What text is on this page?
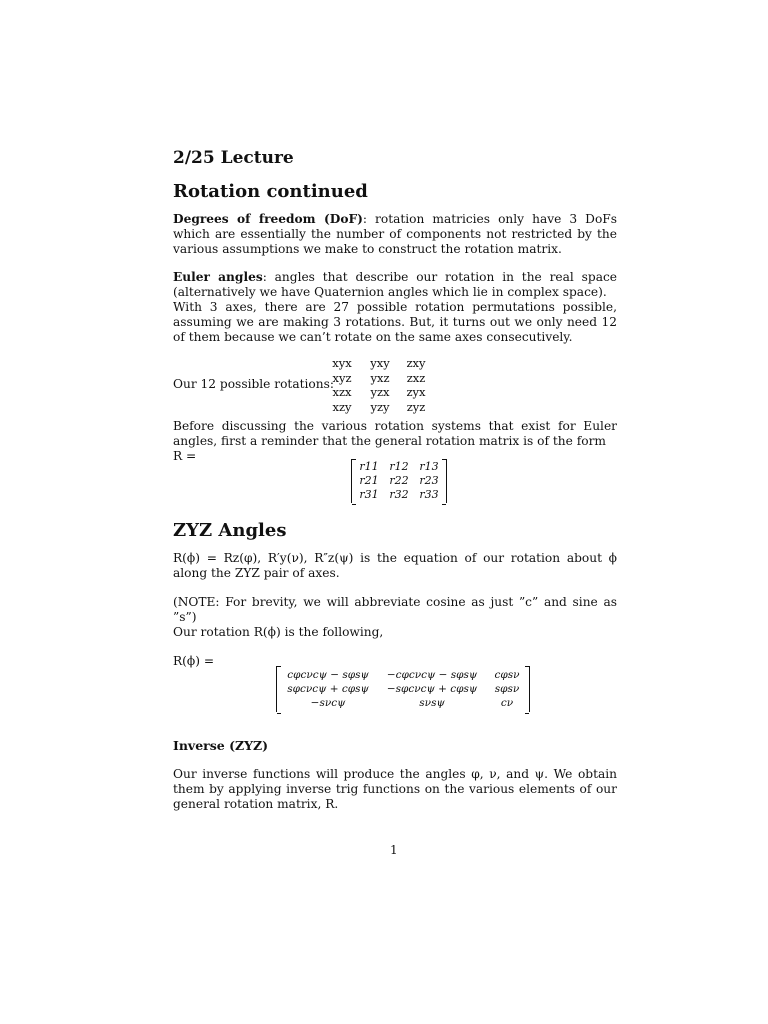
2/25 Lecture
Rotation continued
Degrees of freedom (DoF): rotation matricies only have 3 DoFs which are essentially the number of components not restricted by the various assumptions we make to construct the rotation matrix.
Euler angles: angles that describe our rotation in the real space (alternatively we have Quaternion angles which lie in complex space).
With 3 axes, there are 27 possible rotation permutations possible, assuming we are making 3 rotations. But, it turns out we only need 12 of them because we can’t rotate on the same axes consecutively.
Our 12 possible rotations:
xyx	yxy	zxy
xyz	yxz	zxz
xzx	yzx	zyx
xzy	yzy	zyz
Before discussing the various rotation systems that exist for Euler angles, first a reminder that the general rotation matrix is of the form
R =
r11 r12 r13
r21 r22 r23
r31 r32 r33
ZYZ Angles
R(ϕ) = Rz(φ), R′y(ν), R″z(ψ) is the equation of our rotation about ϕ along the ZYZ pair of axes.
(NOTE: For brevity, we will abbreviate cosine as just ”c” and sine as ”s”)
Our rotation R(ϕ) is the following,
R(ϕ) =
cφcνcψ − sφsψ	−cφcνcψ − sφsψ	cφsν
sφcνcψ + cφsψ	−sφcνcψ + cφsψ	sφsν
−sνcψ	sνsψ	cν
Inverse (ZYZ)
Our inverse functions will produce the angles φ, ν, and ψ. We obtain them by applying inverse trig functions on the various elements of our general rotation matrix, R.
1
